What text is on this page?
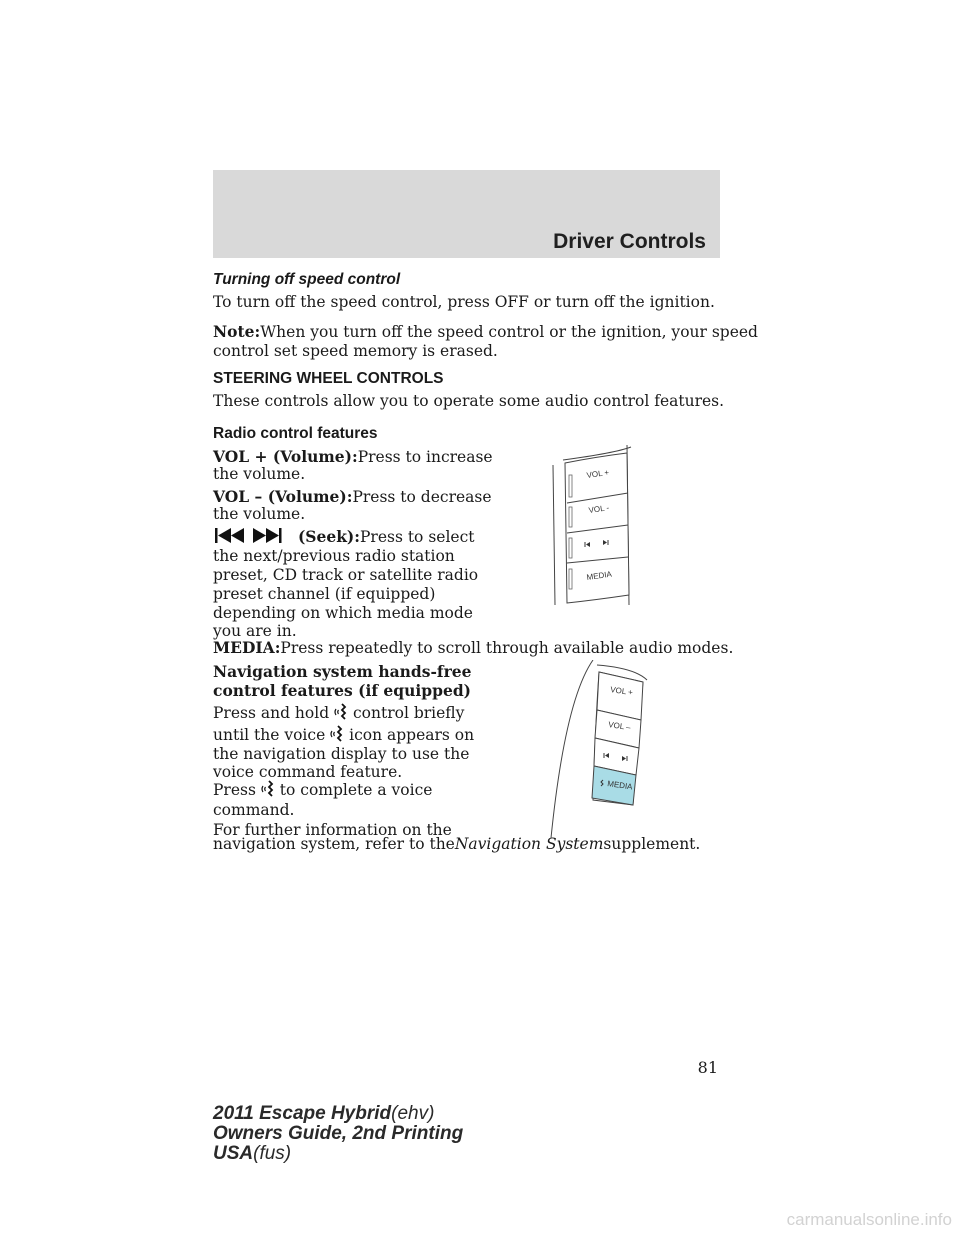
Driver Controls
Turning off speed control
To turn off the speed control, press OFF or turn off the ignition.
Note:When you turn off the speed control or the ignition, your speed
control set speed memory is erased.
STEERING WHEEL CONTROLS
These controls allow you to operate some audio control features.
Radio control features
VOL + (Volume):Press to increase
the volume.
VOL – (Volume):Press to decrease
the volume.
(Seek):Press to select
the next/previous radio station
preset, CD track or satellite radio
preset channel (if equipped)
depending on which media mode
you are in.
MEDIA:Press repeatedly to scroll through available audio modes.
Navigation system hands-free
control features (if equipped)
Press and hold control briefly
until the voice icon appears on
the navigation display to use the
voice command feature.
Press to complete a voice
command.
For further information on the
navigation system, refer to theNavigation Systemsupplement.
VOL +
VOL -
MEDIA
VOL +
VOL –
MEDIA
81
2011 Escape Hybrid(ehv)
Owners Guide, 2nd Printing
USA(fus)
carmanualsonline.info
